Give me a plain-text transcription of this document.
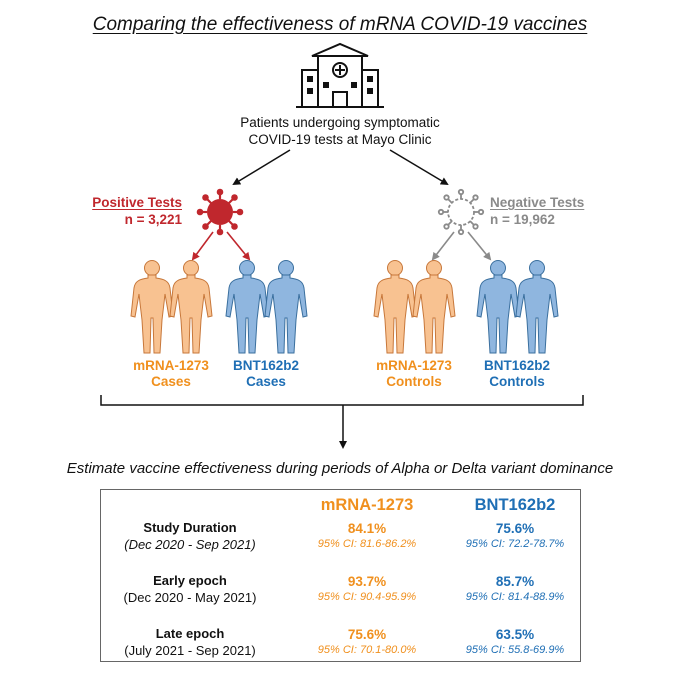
Comparing the effectiveness of mRNA COVID-19 vaccines
Patients undergoing symptomatic
COVID-19 tests at Mayo Clinic
Positive Tests
n = 3,221
Negative Tests
n = 19,962
mRNA-1273
Cases
BNT162b2
Cases
mRNA-1273
Controls
BNT162b2
Controls
Estimate vaccine effectiveness during periods of Alpha or Delta variant dominance
mRNA-1273	BNT162b2
Study Duration
(Dec 2020 - Sep 2021)
84.1%
95% CI: 81.6-86.2%
75.6%
95% CI: 72.2-78.7%
Early epoch
(Dec 2020 - May 2021)
93.7%
95% CI: 90.4-95.9%
85.7%
95% CI: 81.4-88.9%
Late epoch
(July 2021 - Sep 2021)
75.6%
95% CI: 70.1-80.0%
63.5%
95% CI: 55.8-69.9%
